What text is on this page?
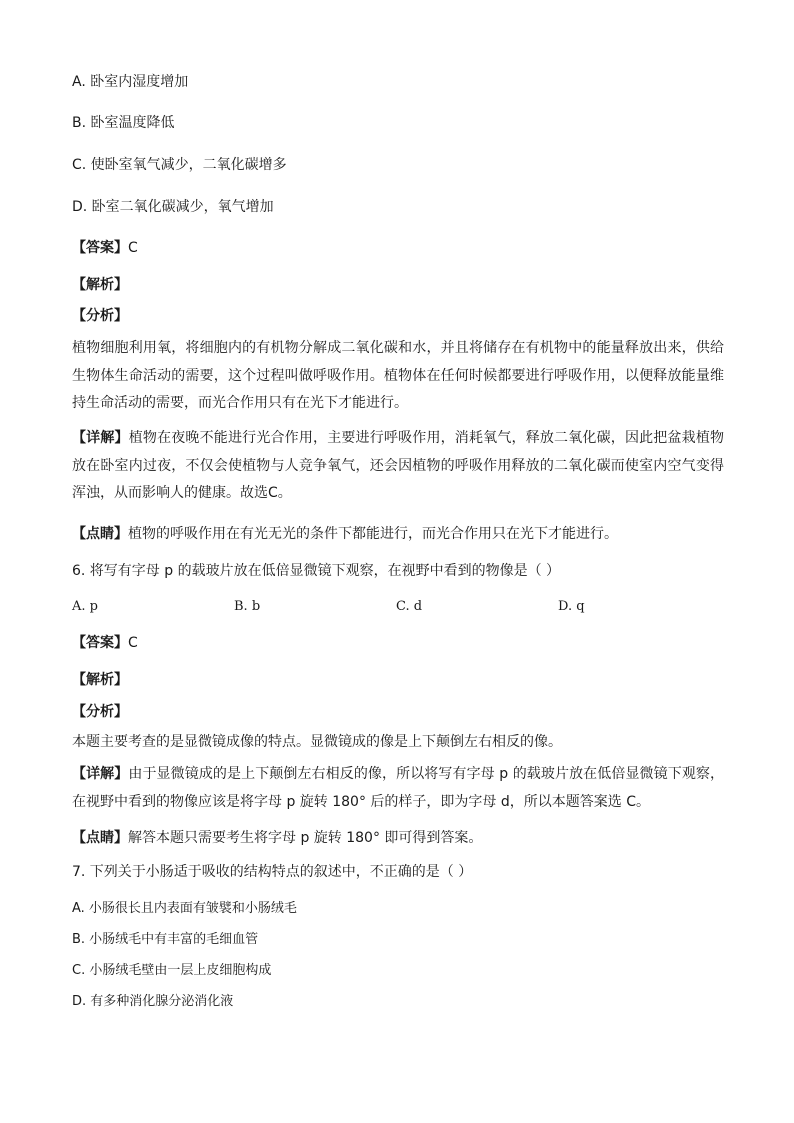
A. 卧室内湿度增加
B. 卧室温度降低
C. 使卧室氧气减少，二氧化碳增多
D. 卧室二氧化碳减少，氧气增加
【答案】C
【解析】
【分析】
植物细胞利用氧，将细胞内的有机物分解成二氧化碳和水，并且将储存在有机物中的能量释放出来，供给生物体生命活动的需要，这个过程叫做呼吸作用。植物体在任何时候都要进行呼吸作用，以便释放能量维持生命活动的需要，而光合作用只有在光下才能进行。
【详解】植物在夜晚不能进行光合作用，主要进行呼吸作用，消耗氧气，释放二氧化碳，因此把盆栽植物放在卧室内过夜，不仅会使植物与人竞争氧气，还会因植物的呼吸作用释放的二氧化碳而使室内空气变得浑浊，从而影响人的健康。故选C。
【点睛】植物的呼吸作用在有光无光的条件下都能进行，而光合作用只在光下才能进行。
6. 将写有字母 p 的载玻片放在低倍显微镜下观察，在视野中看到的物像是（ ）
A. p	B. b	C. d	D. q
【答案】C
【解析】
【分析】
本题主要考查的是显微镜成像的特点。显微镜成的像是上下颠倒左右相反的像。
【详解】由于显微镜成的是上下颠倒左右相反的像，所以将写有字母 p 的载玻片放在低倍显微镜下观察，在视野中看到的物像应该是将字母 p 旋转 180° 后的样子，即为字母 d，所以本题答案选 C。
【点睛】解答本题只需要考生将字母 p 旋转 180° 即可得到答案。
7. 下列关于小肠适于吸收的结构特点的叙述中，不正确的是（ ）
A. 小肠很长且内表面有皱襞和小肠绒毛
B. 小肠绒毛中有丰富的毛细血管
C. 小肠绒毛壁由一层上皮细胞构成
D. 有多种消化腺分泌消化液
